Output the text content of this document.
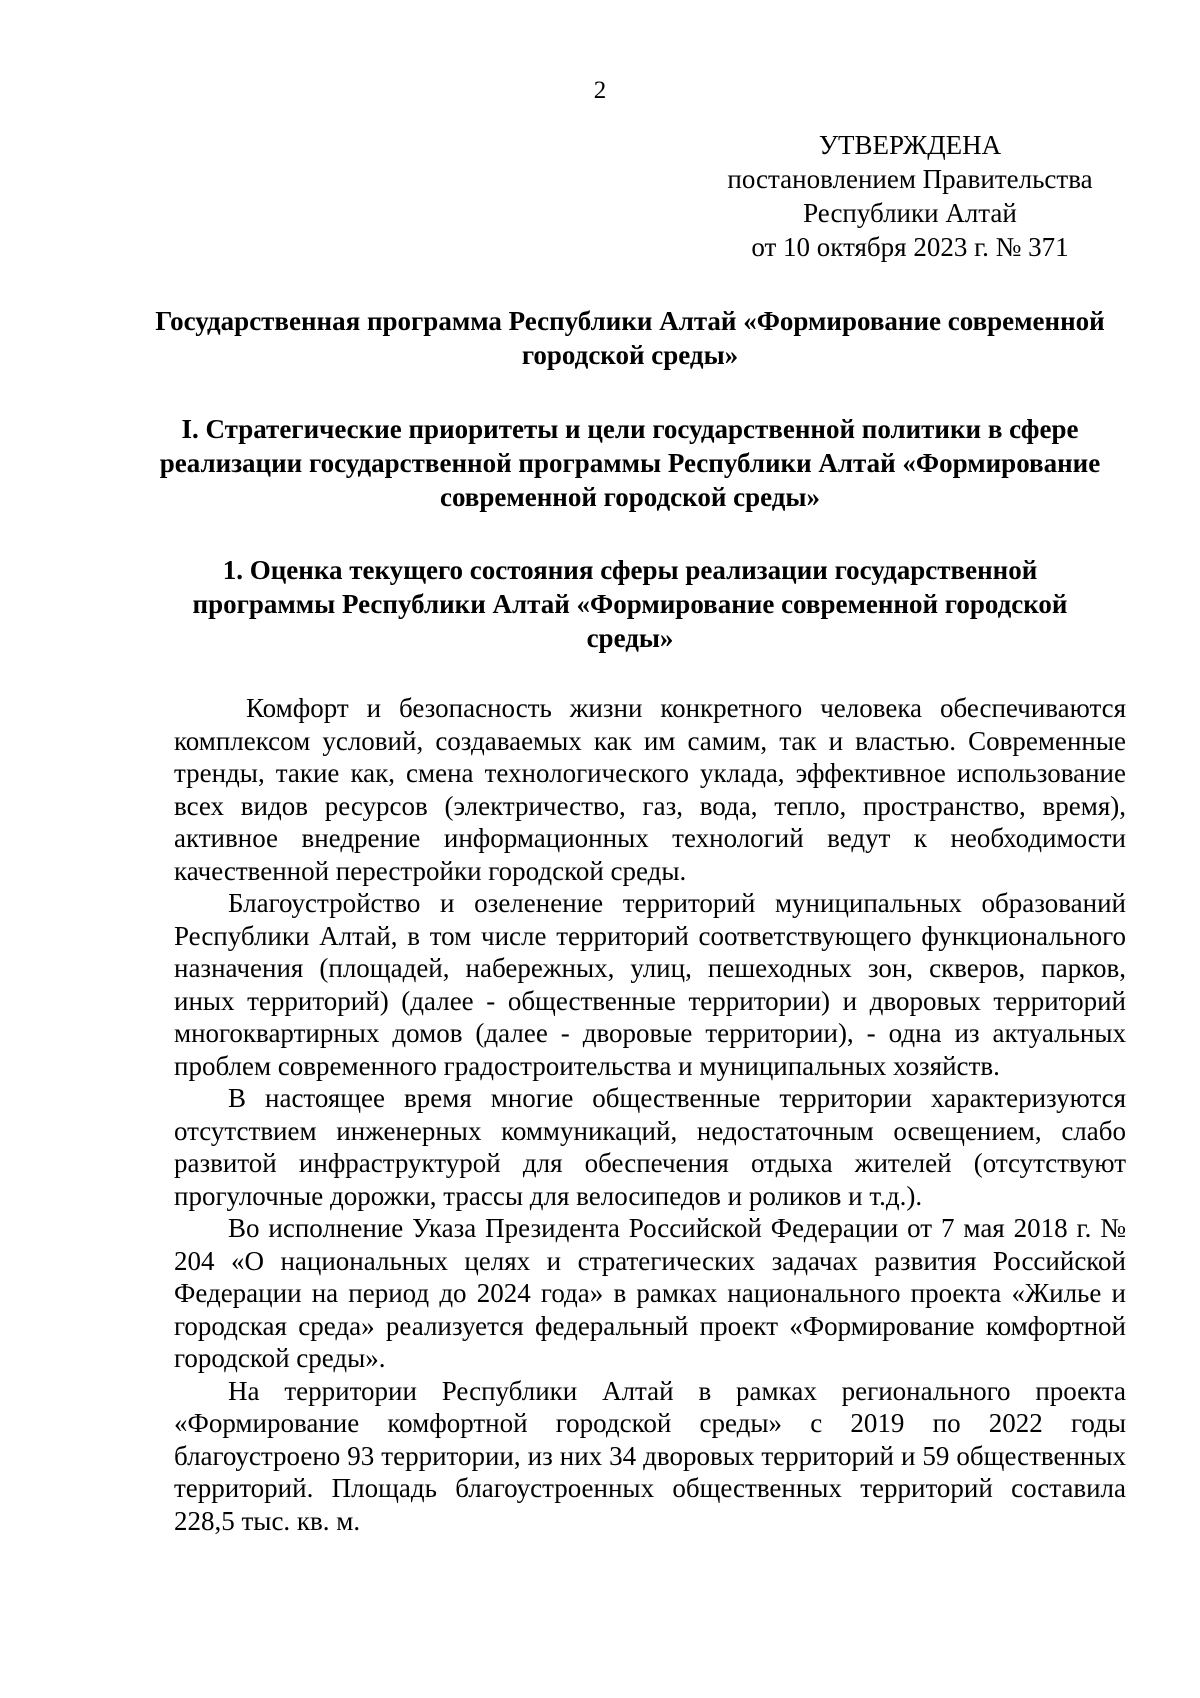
2
УТВЕРЖДЕНА
постановлением Правительства
Республики Алтай
от 10 октября 2023 г. № 371
Государственная программа Республики Алтай «Формирование современной городской среды»
I. Стратегические приоритеты и цели государственной политики в сфере реализации государственной программы Республики Алтай «Формирование современной городской среды»
1. Оценка текущего состояния сферы реализации государственной программы Республики Алтай «Формирование современной городской среды»

Комфорт и безопасность жизни конкретного человека обеспечиваются комплексом условий, создаваемых как им самим, так и властью. Современные тренды, такие как, смена технологического уклада, эффективное использование всех видов ресурсов (электричество, газ, вода, тепло, пространство, время), активное внедрение информационных технологий ведут к необходимости качественной перестройки городской среды.

Благоустройство и озеленение территорий муниципальных образований Республики Алтай, в том числе территорий соответствующего функционального назначения (площадей, набережных, улиц, пешеходных зон, скверов, парков, иных территорий) (далее - общественные территории) и дворовых территорий многоквартирных домов (далее - дворовые территории), - одна из актуальных проблем современного градостроительства и муниципальных хозяйств.

В настоящее время многие общественные территории характеризуются отсутствием инженерных коммуникаций, недостаточным освещением, слабо развитой инфраструктурой для обеспечения отдыха жителей (отсутствуют прогулочные дорожки, трассы для велосипедов и роликов и т.д.).

Во исполнение Указа Президента Российской Федерации от 7 мая 2018 г. № 204 «О национальных целях и стратегических задачах развития Российской Федерации на период до 2024 года» в рамках национального проекта «Жилье и городская среда» реализуется федеральный проект «Формирование комфортной городской среды».

На территории Республики Алтай в рамках регионального проекта «Формирование комфортной городской среды» с 2019 по 2022 годы благоустроено 93 территории, из них 34 дворовых территорий и 59 общественных территорий. Площадь благоустроенных общественных территорий составила 228,5 тыс. кв. м.
